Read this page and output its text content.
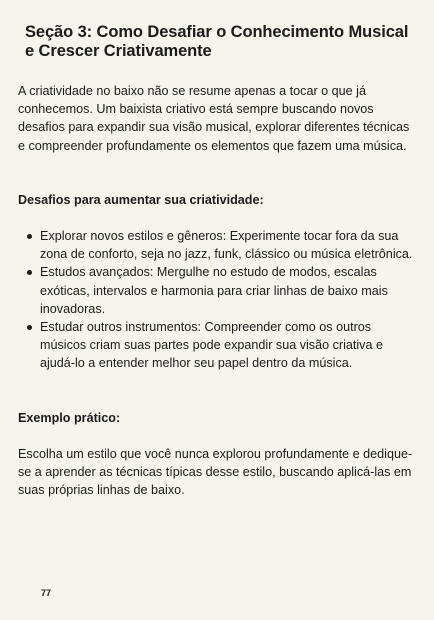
Seção 3: Como Desafiar o Conhecimento Musical e Crescer Criativamente

A criatividade no baixo não se resume apenas a tocar o que já conhecemos. Um baixista criativo está sempre buscando novos desafios para expandir sua visão musical, explorar diferentes técnicas e compreender profundamente os elementos que fazem uma música.

Desafios para aumentar sua criatividade:

Explorar novos estilos e gêneros: Experimente tocar fora da sua zona de conforto, seja no jazz, funk, clássico ou música eletrônica.
Estudos avançados: Mergulhe no estudo de modos, escalas exóticas, intervalos e harmonia para criar linhas de baixo mais inovadoras.
Estudar outros instrumentos: Compreender como os outros músicos criam suas partes pode expandir sua visão criativa e ajudá-lo a entender melhor seu papel dentro da música.

Exemplo prático:

Escolha um estilo que você nunca explorou profundamente e dedique-se a aprender as técnicas típicas desse estilo, buscando aplicá-las em suas próprias linhas de baixo.

77
